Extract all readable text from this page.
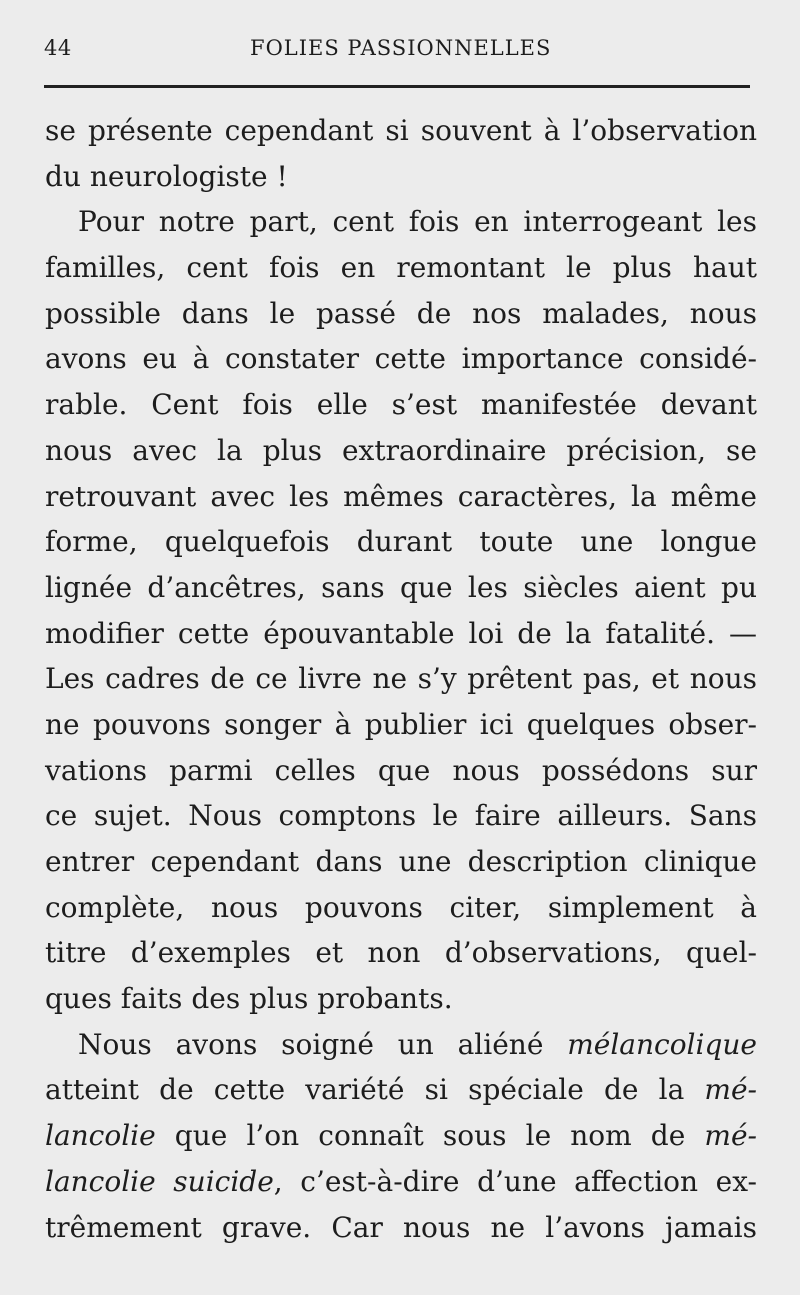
44	FOLIES PASSIONNELLES
se présente cependant si souvent à l’observation
du neurologiste !
Pour notre part, cent fois en interrogeant les
familles, cent fois en remontant le plus haut
possible dans le passé de nos malades, nous
avons eu à constater cette importance considé-
rable. Cent fois elle s’est manifestée devant
nous avec la plus extraordinaire précision, se
retrouvant avec les mêmes caractères, la même
forme, quelquefois durant toute une longue
lignée d’ancêtres, sans que les siècles aient pu
modifier cette épouvantable loi de la fatalité. —
Les cadres de ce livre ne s’y prêtent pas, et nous
ne pouvons songer à publier ici quelques obser-
vations parmi celles que nous possédons sur
ce sujet. Nous comptons le faire ailleurs. Sans
entrer cependant dans une description clinique
complète, nous pouvons citer, simplement à
titre d’exemples et non d’observations, quel-
ques faits des plus probants.
Nous avons soigné un aliéné mélancolique
atteint de cette variété si spéciale de la mé-
lancolie que l’on connaît sous le nom de mé-
lancolie suicide, c’est-à-dire d’une affection ex-
trêmement grave. Car nous ne l’avons jamais
